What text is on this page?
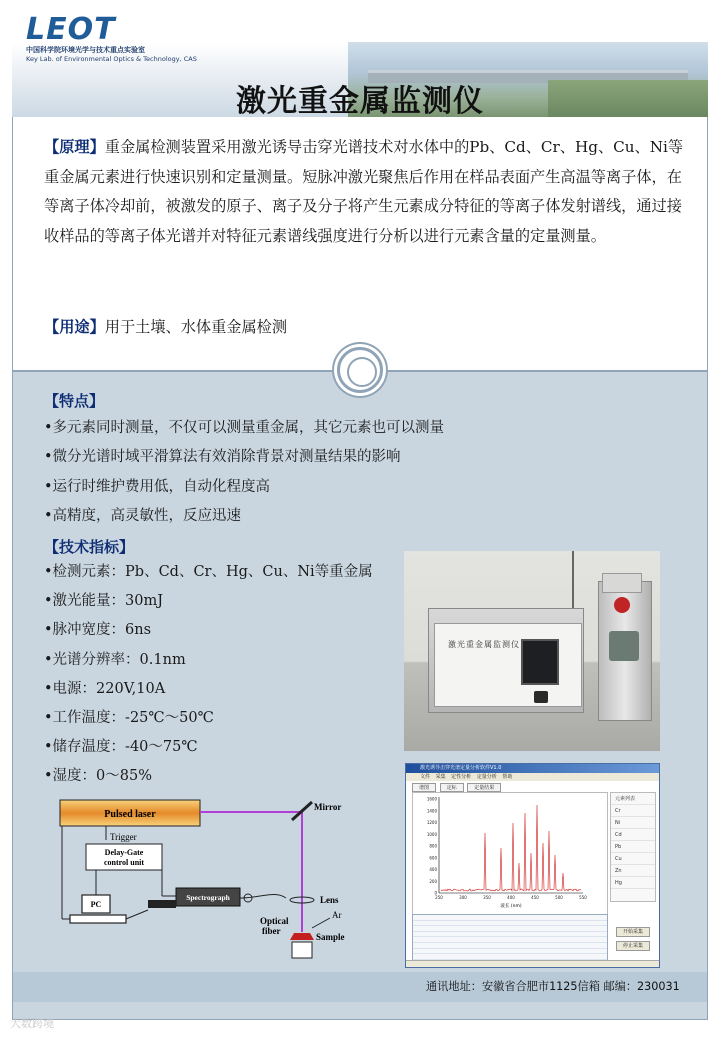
LEOT
中国科学院环境光学与技术重点实验室
Key Lab. of Environmental Optics & Technology, CAS
激光重金属监测仪
【原理】重金属检测装置采用激光诱导击穿光谱技术对水体中的Pb、Cd、Cr、Hg、Cu、Ni等重金属元素进行快速识别和定量测量。短脉冲激光聚焦后作用在样品表面产生高温等离子体，在等离子体冷却前，被激发的原子、离子及分子将产生元素成分特征的等离子体发射谱线，通过接收样品的等离子体光谱并对特征元素谱线强度进行分析以进行元素含量的定量测量。
【用途】用于土壤、水体重金属检测
【特点】
•多元素同时测量，不仅可以测量重金属，其它元素也可以测量
•微分光谱时域平滑算法有效消除背景对测量结果的影响
•运行时维护费用低，自动化程度高
•高精度，高灵敏性，反应迅速
【技术指标】
•检测元素：Pb、Cd、Cr、Hg、Cu、Ni等重金属
•激光能量：30mJ
•脉冲宽度：6ns
•光谱分辨率：0.1nm
•电源：220V,10A
•工作温度：-25℃～50℃
•储存温度：-40～75℃
•湿度：0～85%
激光重金属监测仪
激光诱导击穿光谱定量分析软件V1.0
文件 采集 定性分析 定量分析 帮助
谱图	定标	定量结果
1600
1400
1200
1000
800
600
400
200
0
250	300	350	400	450	500	550
波长 (nm)
元素列表
Cr
Ni
Cd
Pb
Cu
Zn
Hg
开始采集
停止采集
Pulsed laser
Mirror
Lens
Ar
Sample
Trigger
Delay-Gate
control unit
Spectrograph
Optical
fiber
PC
通讯地址：安徽省合肥市1125信箱 邮编：230031
大数跨境
